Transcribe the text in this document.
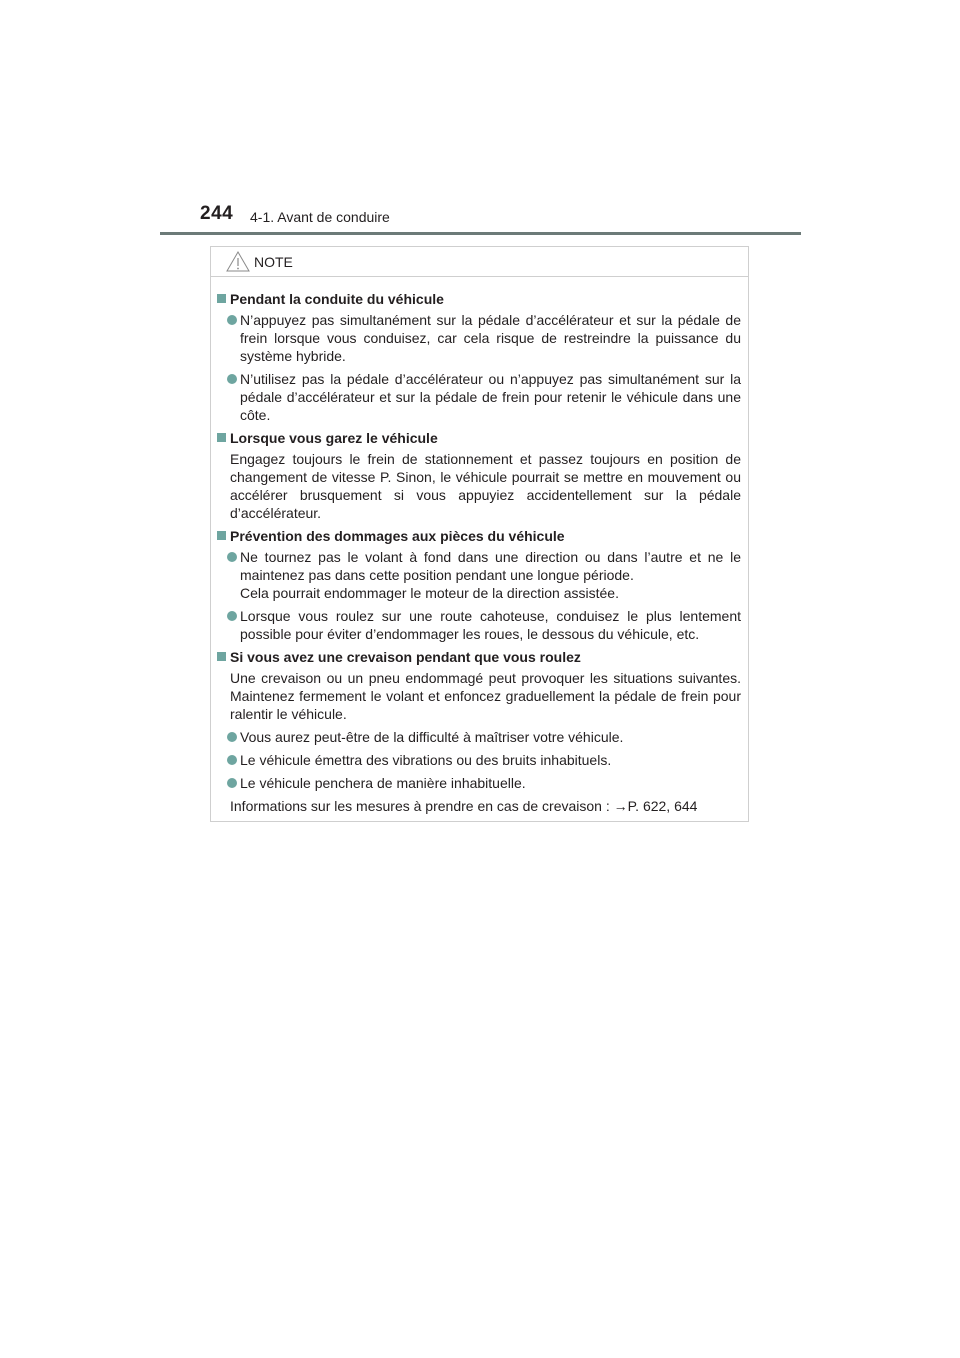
244 4-1. Avant de conduire
NOTE
Pendant la conduite du véhicule
N’appuyez pas simultanément sur la pédale d’accélérateur et sur la pédale de frein lorsque vous conduisez, car cela risque de restreindre la puissance du système hybride.
N’utilisez pas la pédale d’accélérateur ou n’appuyez pas simultanément sur la pédale d’accélérateur et sur la pédale de frein pour retenir le véhicule dans une côte.
Lorsque vous garez le véhicule
Engagez toujours le frein de stationnement et passez toujours en position de changement de vitesse P. Sinon, le véhicule pourrait se mettre en mouvement ou accélérer brusquement si vous appuyiez accidentellement sur la pédale d’accélérateur.
Prévention des dommages aux pièces du véhicule
Ne tournez pas le volant à fond dans une direction ou dans l’autre et ne le maintenez pas dans cette position pendant une longue période.
Cela pourrait endommager le moteur de la direction assistée.
Lorsque vous roulez sur une route cahoteuse, conduisez le plus lentement possible pour éviter d’endommager les roues, le dessous du véhicule, etc.
Si vous avez une crevaison pendant que vous roulez
Une crevaison ou un pneu endommagé peut provoquer les situations suivantes. Maintenez fermement le volant et enfoncez graduellement la pédale de frein pour ralentir le véhicule.
Vous aurez peut-être de la difficulté à maîtriser votre véhicule.
Le véhicule émettra des vibrations ou des bruits inhabituels.
Le véhicule penchera de manière inhabituelle.
Informations sur les mesures à prendre en cas de crevaison : →P. 622, 644
